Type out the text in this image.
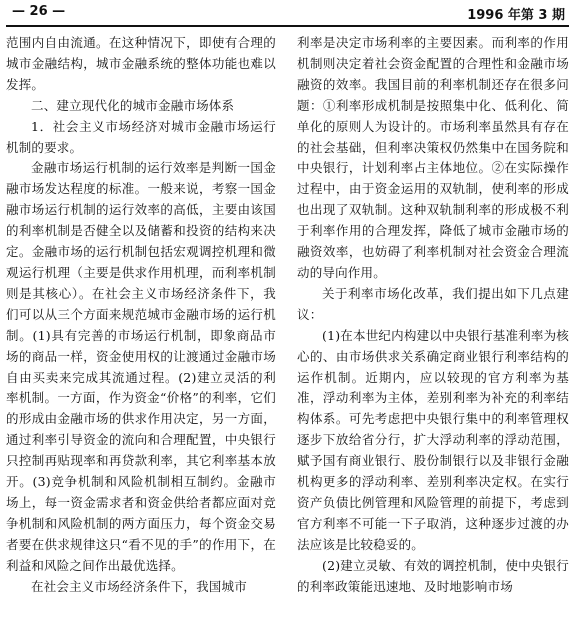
— 26 —	1996 年第 3 期

范围内自由流通。在这种情况下，即使有合理的城市金融结构，城市金融系统的整体功能也难以发挥。

二、建立现代化的城市金融市场体系

1．社会主义市场经济对城市金融市场运行机制的要求。

金融市场运行机制的运行效率是判断一国金融市场发达程度的标准。一般来说，考察一国金融市场运行机制的运行效率的高低，主要由该国的利率机制是否健全以及储蓄和投资的结构来决定。金融市场的运行机制包括宏观调控机理和微观运行机理（主要是供求作用机理，而利率机制则是其核心）。在社会主义市场经济条件下，我们可以从三个方面来规范城市金融市场的运行机制。(1)具有完善的市场运行机制，即象商品市场的商品一样，资金使用权的让渡通过金融市场自由买卖来完成其流通过程。(2)建立灵活的利率机制。一方面，作为资金“价格”的利率，它们的形成由金融市场的供求作用决定，另一方面，通过利率引导资金的流向和合理配置，中央银行只控制再贴现率和再贷款利率，其它利率基本放开。(3)竞争机制和风险机制相互制约。金融市场上，每一资金需求者和资金供给者都应面对竞争机制和风险机制的两方面压力，每个资金交易者要在供求规律这只“看不见的手”的作用下，在利益和风险之间作出最优选择。

在社会主义市场经济条件下，我国城市

利率是决定市场利率的主要因素。而利率的作用机制则决定着社会资金配置的合理性和金融市场融资的效率。我国目前的利率机制还存在很多问题：①利率形成机制是按照集中化、低利化、简单化的原则人为设计的。市场利率虽然具有存在的社会基础，但利率决策权仍然集中在国务院和中央银行，计划利率占主体地位。②在实际操作过程中，由于资金运用的双轨制，使利率的形成也出现了双轨制。这种双轨制利率的形成极不利于利率作用的合理发挥，降低了城市金融市场的融资效率，也妨碍了利率机制对社会资金合理流动的导向作用。

关于利率市场化改革，我们提出如下几点建议：

(1)在本世纪内构建以中央银行基准利率为核心的、由市场供求关系确定商业银行利率结构的运作机制。近期内，应以较现的官方利率为基准，浮动利率为主体，差别利率为补充的利率结构体系。可先考虑把中央银行集中的利率管理权逐步下放给省分行，扩大浮动利率的浮动范围，赋予国有商业银行、股份制银行以及非银行金融机构更多的浮动利率、差别利率决定权。在实行资产负债比例管理和风险管理的前提下，考虑到官方利率不可能一下子取消，这种逐步过渡的办法应该是比较稳妥的。

(2)建立灵敏、有效的调控机制，使中央银行的利率政策能迅速地、及时地影响市场
